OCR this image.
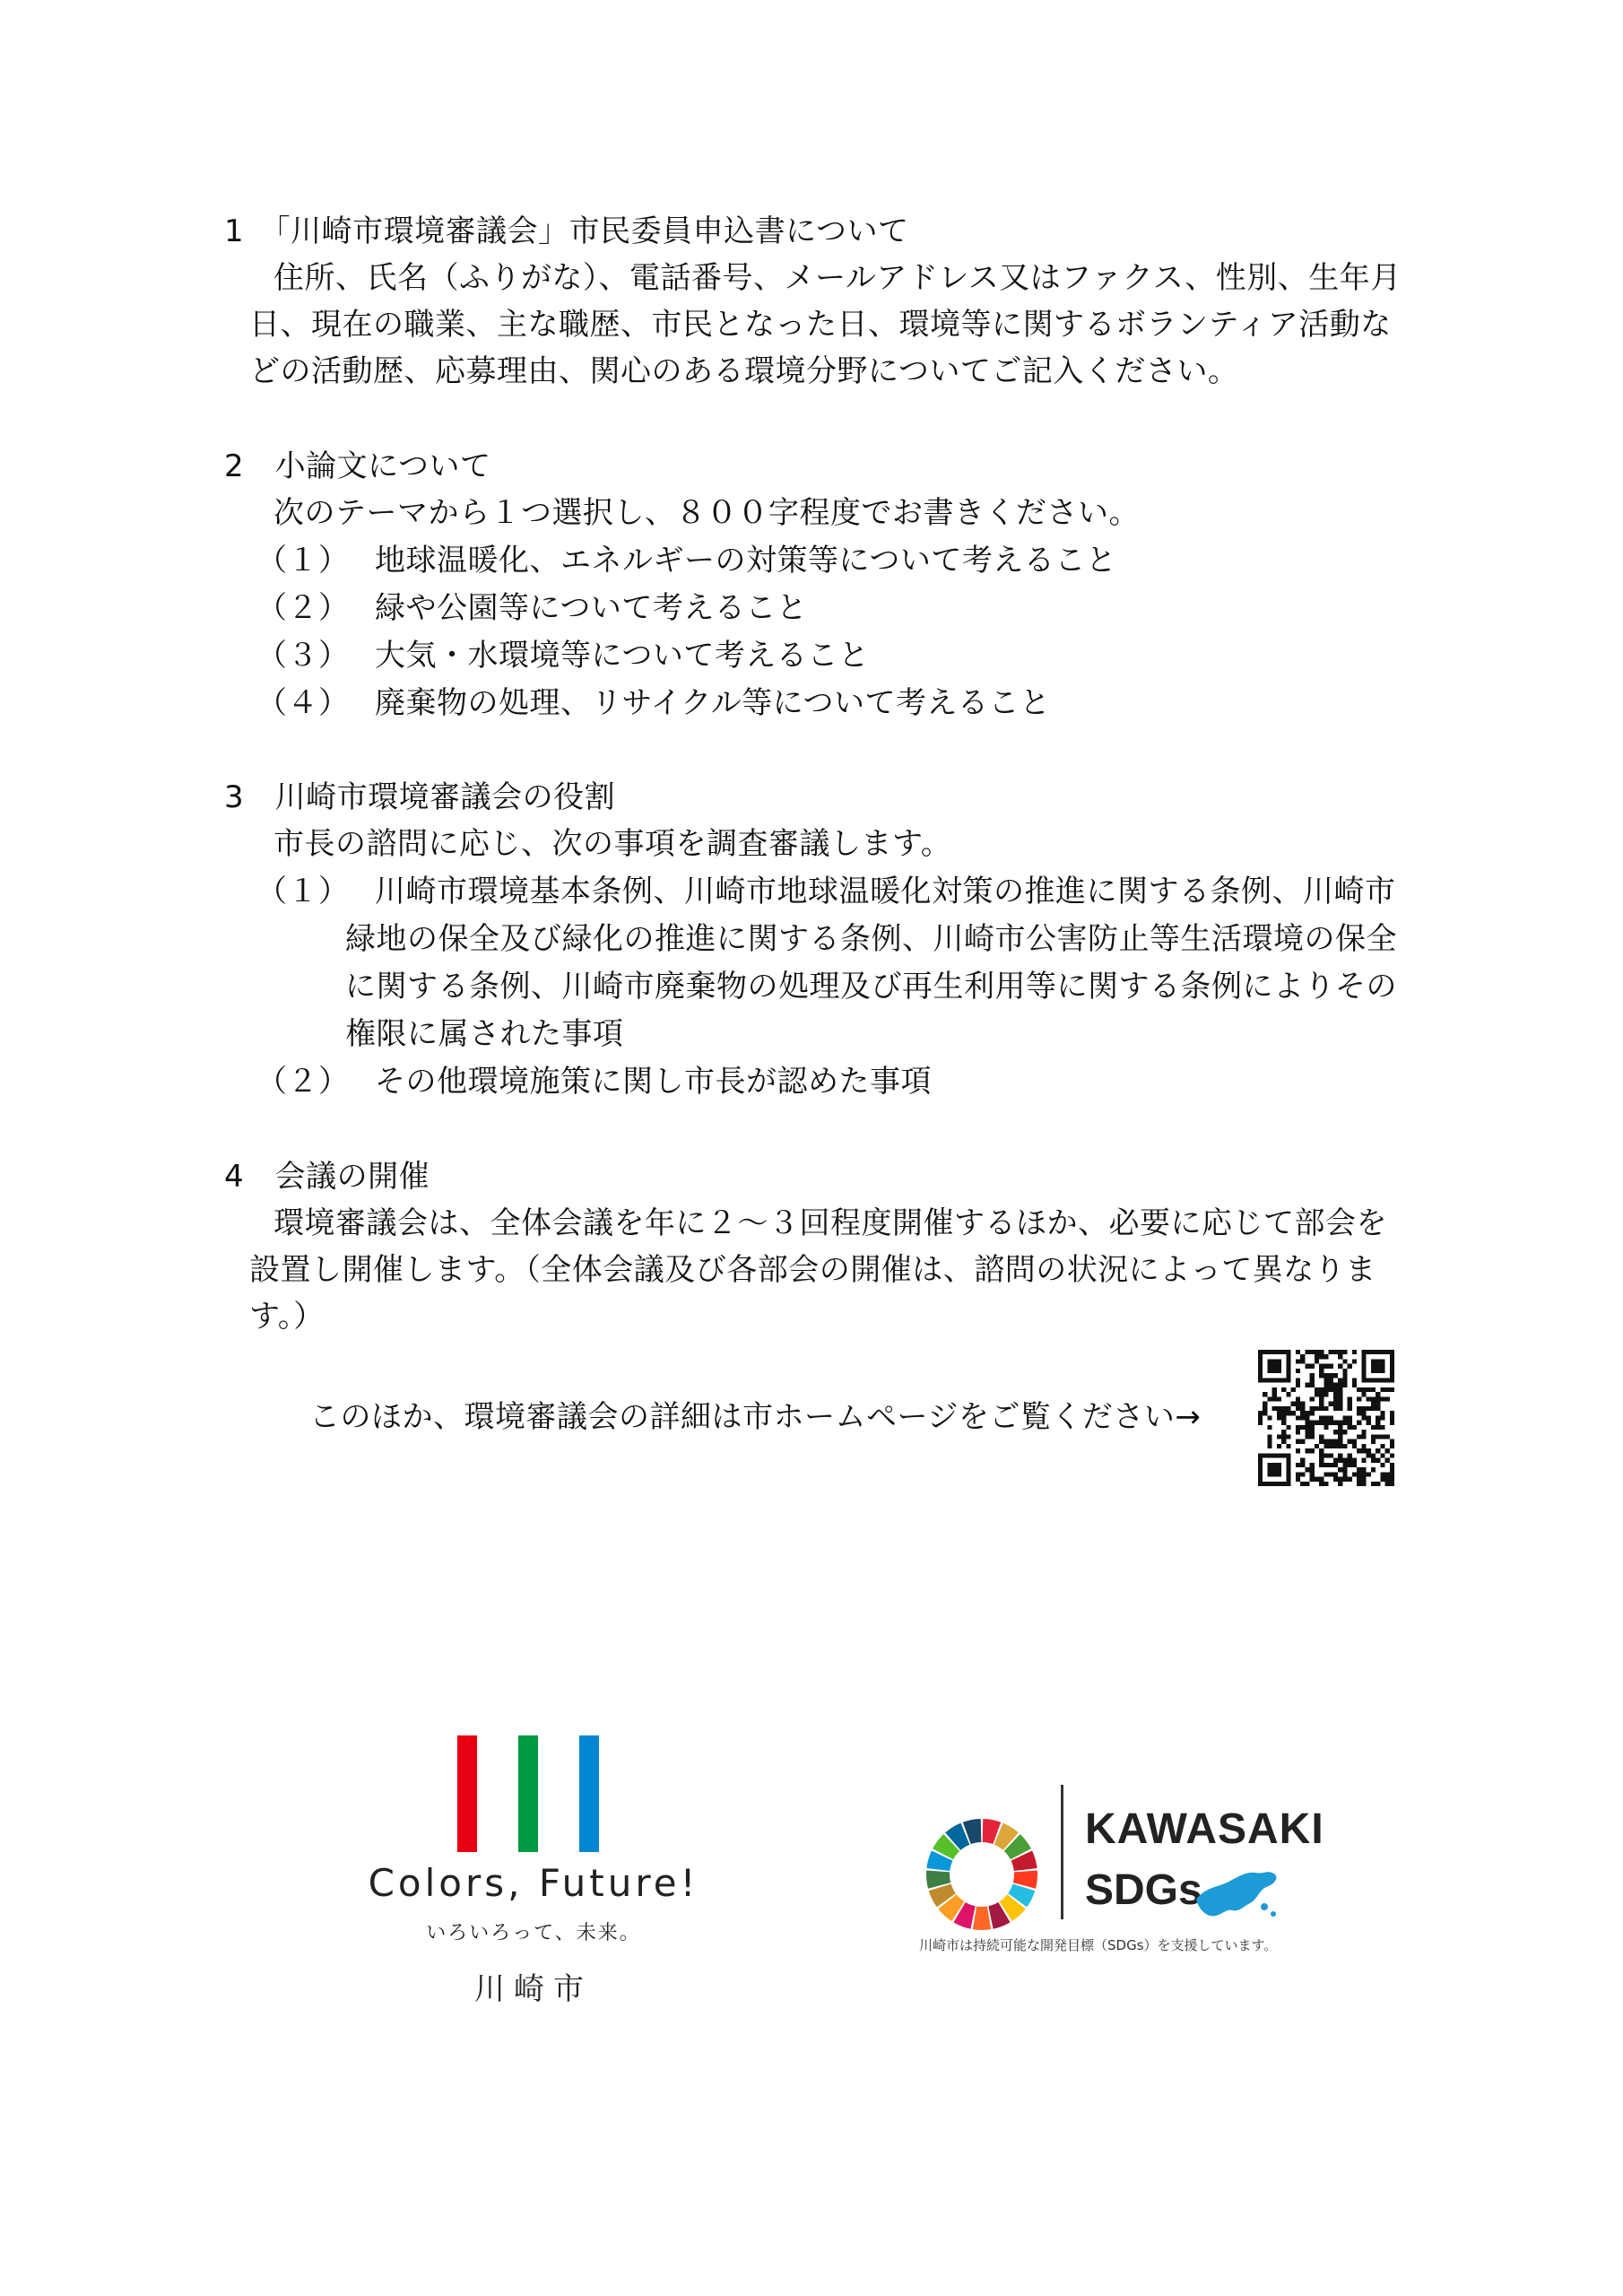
1　「川崎市環境審議会」市民委員申込書について
住所、氏名（ふりがな）、電話番号、メールアドレス又はファクス、性別、生年月
日、現在の職業、主な職歴、市民となった日、環境等に関するボランティア活動な
どの活動歴、応募理由、関心のある環境分野についてご記入ください。
2　小論文について
次のテーマから１つ選択し、８００字程度でお書きください。
（１） 地球温暖化、エネルギーの対策等について考えること
（２） 緑や公園等について考えること
（３） 大気・水環境等について考えること
（４） 廃棄物の処理、リサイクル等について考えること
3　川崎市環境審議会の役割
市長の諮問に応じ、次の事項を調査審議します。
（１） 川崎市環境基本条例、川崎市地球温暖化対策の推進に関する条例、川崎市
緑地の保全及び緑化の推進に関する条例、川崎市公害防止等生活環境の保全
に関する条例、川崎市廃棄物の処理及び再生利用等に関する条例によりその
権限に属された事項
（２） その他環境施策に関し市長が認めた事項
4　会議の開催
環境審議会は、全体会議を年に２～３回程度開催するほか、必要に応じて部会を
設置し開催します。（全体会議及び各部会の開催は、諮問の状況によって異なりま
す。）
このほか、環境審議会の詳細は市ホームページをご覧ください→
Colors, Future!
いろいろって、未来。
川崎市
KAWASAKI
SDGs
川崎市は持続可能な開発目標（SDGs）を支援しています。
